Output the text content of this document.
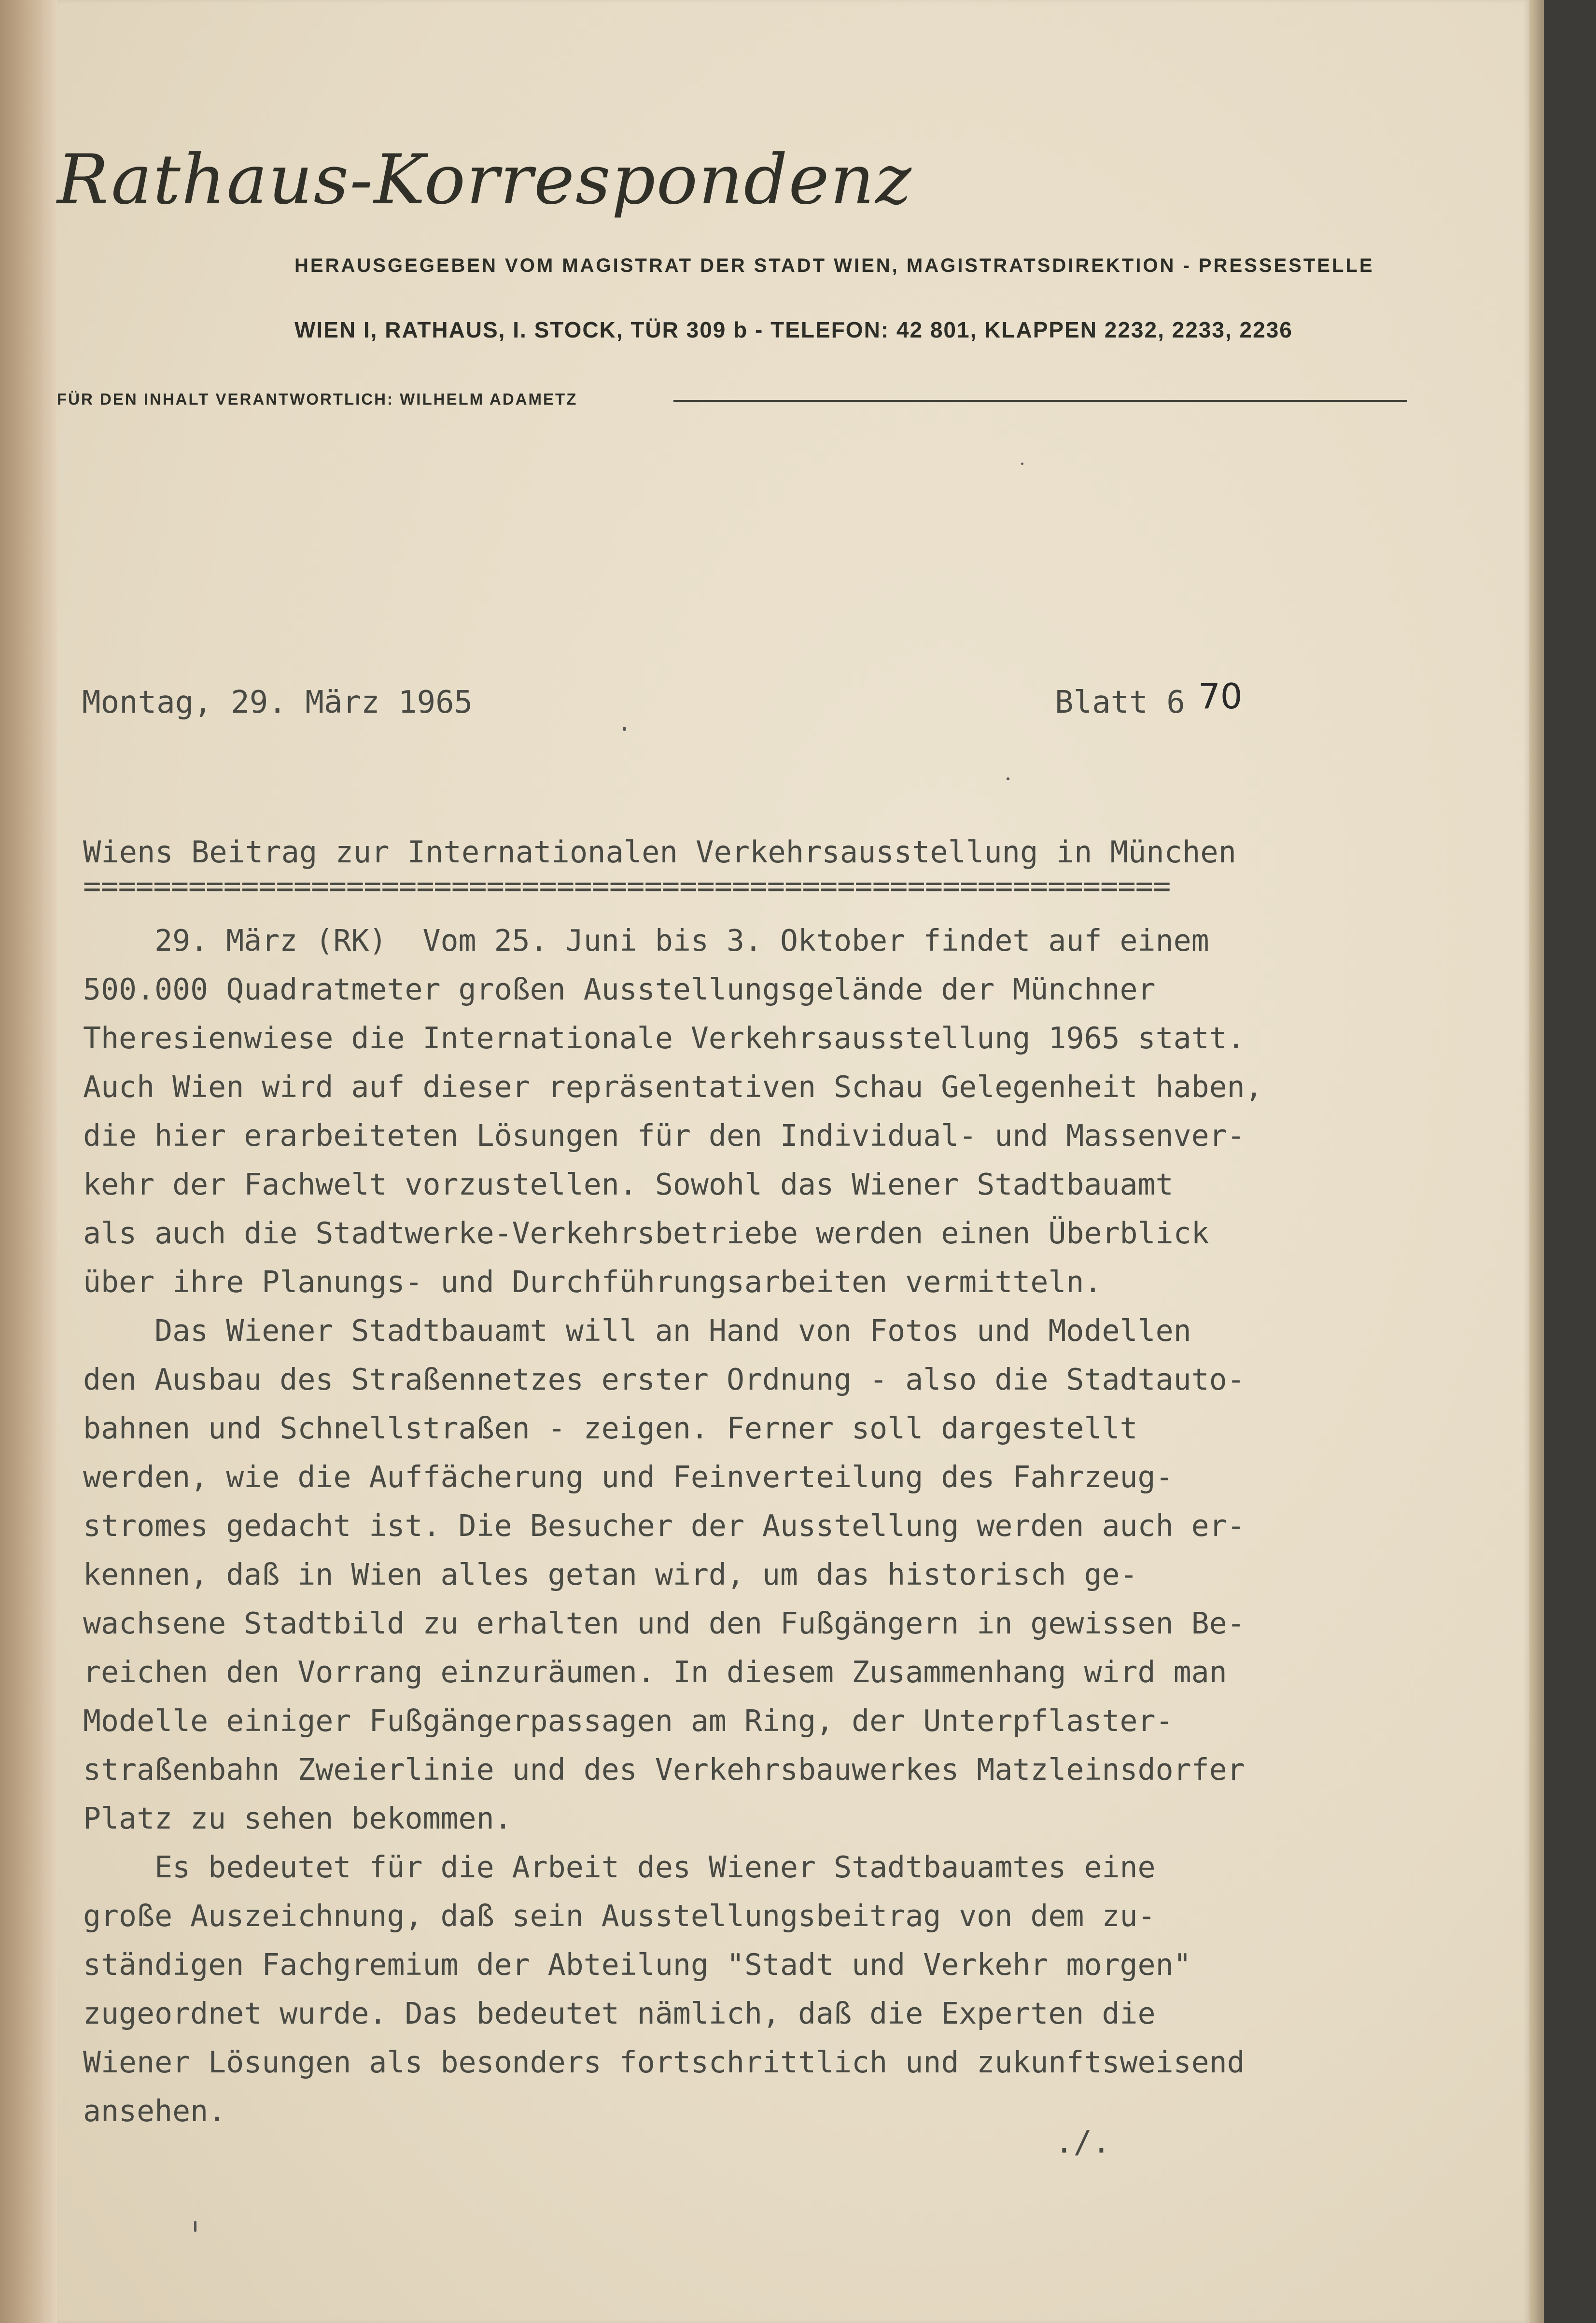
Rathaus-Korrespondenz
HERAUSGEGEBEN VOM MAGISTRAT DER STADT WIEN, MAGISTRATSDIREKTION - PRESSESTELLE
WIEN I, RATHAUS, I. STOCK, TÜR 309 b - TELEFON: 42 801, KLAPPEN 2232, 2233, 2236
FÜR DEN INHALT VERANTWORTLICH: WILHELM ADAMETZ
Montag, 29. März 1965	Blatt 6 70
Wiens Beitrag zur Internationalen Verkehrsausstellung in München
==============================================================
29. März (RK)  Vom 25. Juni bis 3. Oktober findet auf einem
500.000 Quadratmeter großen Ausstellungsgelände der Münchner
Theresienwiese die Internationale Verkehrsausstellung 1965 statt.
Auch Wien wird auf dieser repräsentativen Schau Gelegenheit haben,
die hier erarbeiteten Lösungen für den Individual- und Massenver-
kehr der Fachwelt vorzustellen. Sowohl das Wiener Stadtbauamt
als auch die Stadtwerke-Verkehrsbetriebe werden einen Überblick
über ihre Planungs- und Durchführungsarbeiten vermitteln.
Das Wiener Stadtbauamt will an Hand von Fotos und Modellen
den Ausbau des Straßennetzes erster Ordnung - also die Stadtauto-
bahnen und Schnellstraßen - zeigen. Ferner soll dargestellt
werden, wie die Auffächerung und Feinverteilung des Fahrzeug-
stromes gedacht ist. Die Besucher der Ausstellung werden auch er-
kennen, daß in Wien alles getan wird, um das historisch ge-
wachsene Stadtbild zu erhalten und den Fußgängern in gewissen Be-
reichen den Vorrang einzuräumen. In diesem Zusammenhang wird man
Modelle einiger Fußgängerpassagen am Ring, der Unterpflaster-
straßenbahn Zweierlinie und des Verkehrsbauwerkes Matzleinsdorfer
Platz zu sehen bekommen.
Es bedeutet für die Arbeit des Wiener Stadtbauamtes eine
große Auszeichnung, daß sein Ausstellungsbeitrag von dem zu-
ständigen Fachgremium der Abteilung "Stadt und Verkehr morgen"
zugeordnet wurde. Das bedeutet nämlich, daß die Experten die
Wiener Lösungen als besonders fortschrittlich und zukunftsweisend
ansehen.
./.
